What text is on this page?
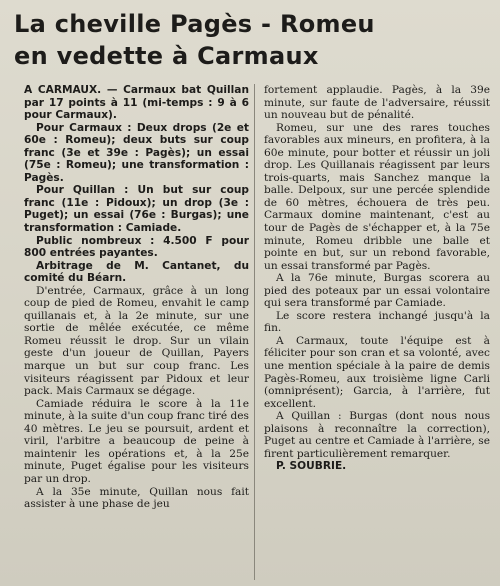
La cheville Pagès - Romeu
en vedette à Carmaux

A CARMAUX. — Carmaux bat Quillan par 17 points à 11 (mi-temps : 9 à 6 pour Carmaux).

Pour Carmaux : Deux drops (2e et 60e : Romeu); deux buts sur coup franc (3e et 39e : Pagès); un essai (75e : Romeu); une transformation : Pagès.

Pour Quillan : Un but sur coup franc (11e : Pidoux); un drop (3e : Puget); un essai (76e : Burgas); une transformation : Camiade.

Public nombreux : 4.500 F pour 800 entrées payantes.

Arbitrage de M. Cantanet, du comité du Béarn.

D'entrée, Carmaux, grâce à un long coup de pied de Romeu, envahit le camp quillanais et, à la 2e minute, sur une sortie de mêlée exécutée, ce même Romeu réussit le drop. Sur un vilain geste d'un joueur de Quillan, Payers marque un but sur coup franc. Les visiteurs réagissent par Pidoux et leur pack. Mais Carmaux se dégage.

Camiade réduira le score à la 11e minute, à la suite d'un coup franc tiré des 40 mètres. Le jeu se poursuit, ardent et viril, l'arbitre a beaucoup de peine à maintenir les opérations et, à la 25e minute, Puget égalise pour les visiteurs par un drop.

A la 35e minute, Quillan nous fait assister à une phase de jeu

fortement applaudie. Pagès, à la 39e minute, sur faute de l'adversaire, réussit un nouveau but de pénalité.

Romeu, sur une des rares touches favorables aux mineurs, en profitera, à la 60e minute, pour botter et réussir un joli drop. Les Quillanais réagissent par leurs trois-quarts, mais Sanchez manque la balle. Delpoux, sur une percée splendide de 60 mètres, échouera de très peu. Carmaux domine maintenant, c'est au tour de Pagès de s'échapper et, à la 75e minute, Romeu dribble une balle et pointe en but, sur un rebond favorable, un essai transformé par Pagès.

A la 76e minute, Burgas scorera au pied des poteaux par un essai volontaire qui sera transformé par Camiade.

Le score restera inchangé jusqu'à la fin.

A Carmaux, toute l'équipe est à féliciter pour son cran et sa volonté, avec une mention spéciale à la paire de demis Pagès-Romeu, aux troisième ligne Carli (omniprésent); Garcia, à l'arrière, fut excellent.

A Quillan : Burgas (dont nous nous plaisons à reconnaître la correction), Puget au centre et Camiade à l'arrière, se firent particulièrement remarquer.

P. SOUBRIE.
